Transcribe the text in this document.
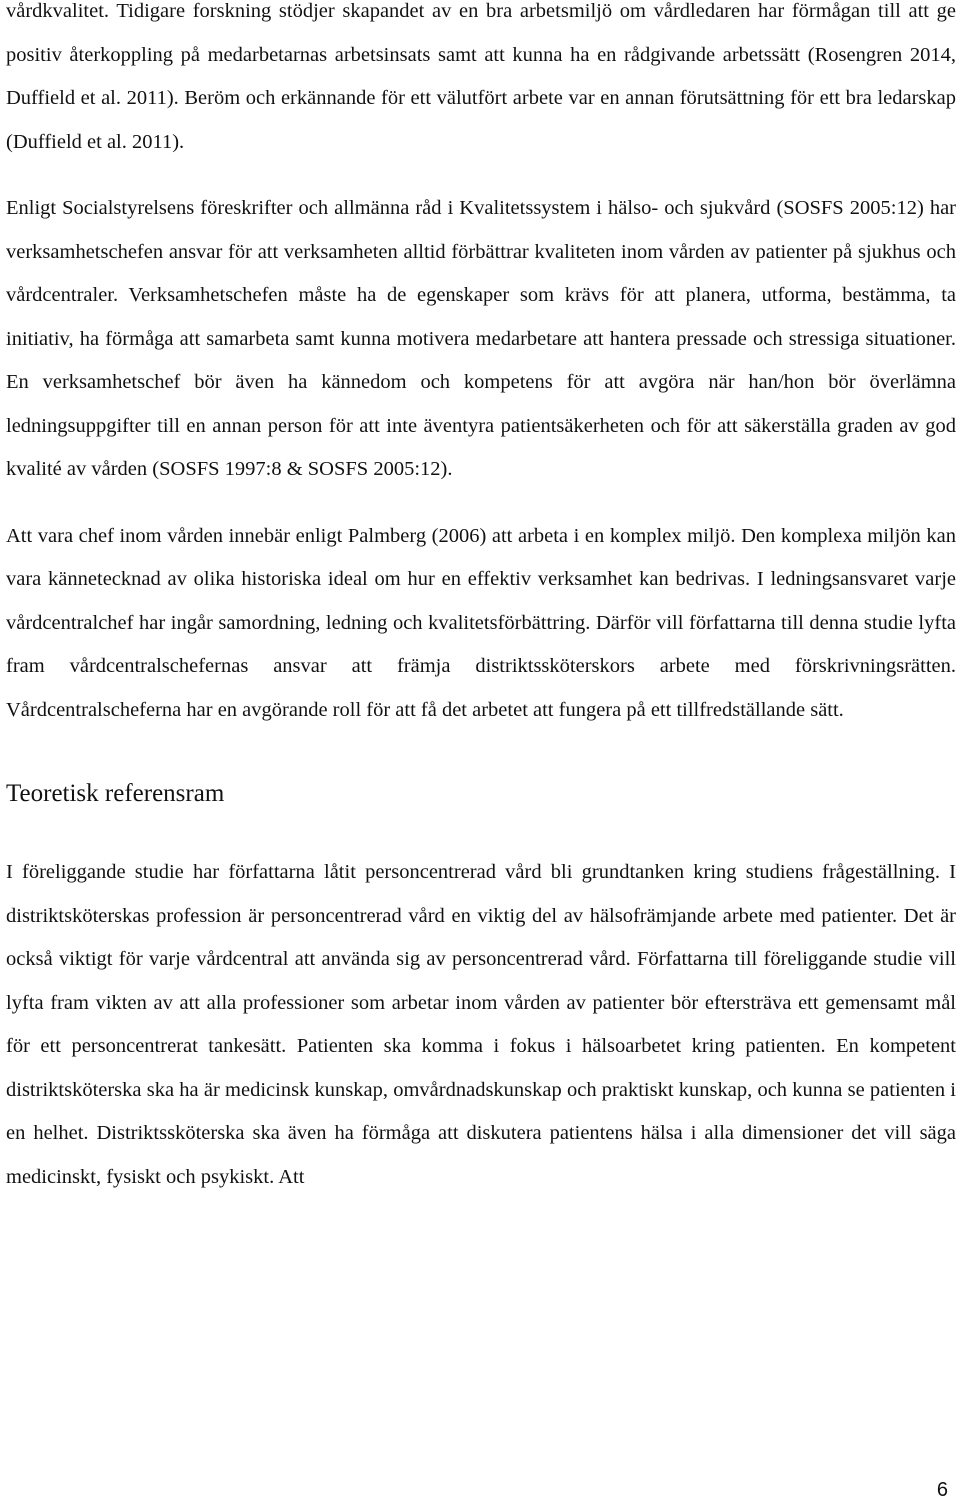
vårdkvalitet. Tidigare forskning stödjer skapandet av en bra arbetsmiljö om vårdledaren har förmågan till att ge positiv återkoppling på medarbetarnas arbetsinsats samt att kunna ha en rådgivande arbetssätt (Rosengren 2014, Duffield et al. 2011). Beröm och erkännande för ett välutfört arbete var en annan förutsättning för ett bra ledarskap (Duffield et al. 2011).

Enligt Socialstyrelsens föreskrifter och allmänna råd i Kvalitetssystem i hälso- och sjukvård (SOSFS 2005:12) har verksamhetschefen ansvar för att verksamheten alltid förbättrar kvaliteten inom vården av patienter på sjukhus och vårdcentraler. Verksamhetschefen måste ha de egenskaper som krävs för att planera, utforma, bestämma, ta initiativ, ha förmåga att samarbeta samt kunna motivera medarbetare att hantera pressade och stressiga situationer. En verksamhetschef bör även ha kännedom och kompetens för att avgöra när han/hon bör överlämna ledningsuppgifter till en annan person för att inte äventyra patientsäkerheten och för att säkerställa graden av god kvalité av vården (SOSFS 1997:8 & SOSFS 2005:12).

Att vara chef inom vården innebär enligt Palmberg (2006) att arbeta i en komplex miljö. Den komplexa miljön kan vara kännetecknad av olika historiska ideal om hur en effektiv verksamhet kan bedrivas. I ledningsansvaret varje vårdcentralchef har ingår samordning, ledning och kvalitetsförbättring. Därför vill författarna till denna studie lyfta fram vårdcentralschefernas ansvar att främja distriktssköterskors arbete med förskrivningsrätten. Vårdcentralscheferna har en avgörande roll för att få det arbetet att fungera på ett tillfredställande sätt.

Teoretisk referensram

I föreliggande studie har författarna låtit personcentrerad vård bli grundtanken kring studiens frågeställning. I distriktsköterskas profession är personcentrerad vård en viktig del av hälsofrämjande arbete med patienter. Det är också viktigt för varje vårdcentral att använda sig av personcentrerad vård. Författarna till föreliggande studie vill lyfta fram vikten av att alla professioner som arbetar inom vården av patienter bör eftersträva ett gemensamt mål för ett personcentrerat tankesätt. Patienten ska komma i fokus i hälsoarbetet kring patienten. En kompetent distriktsköterska ska ha är medicinsk kunskap, omvårdnadskunskap och praktiskt kunskap, och kunna se patienten i en helhet. Distriktssköterska ska även ha förmåga att diskutera patientens hälsa i alla dimensioner det vill säga medicinskt, fysiskt och psykiskt. Att

6
